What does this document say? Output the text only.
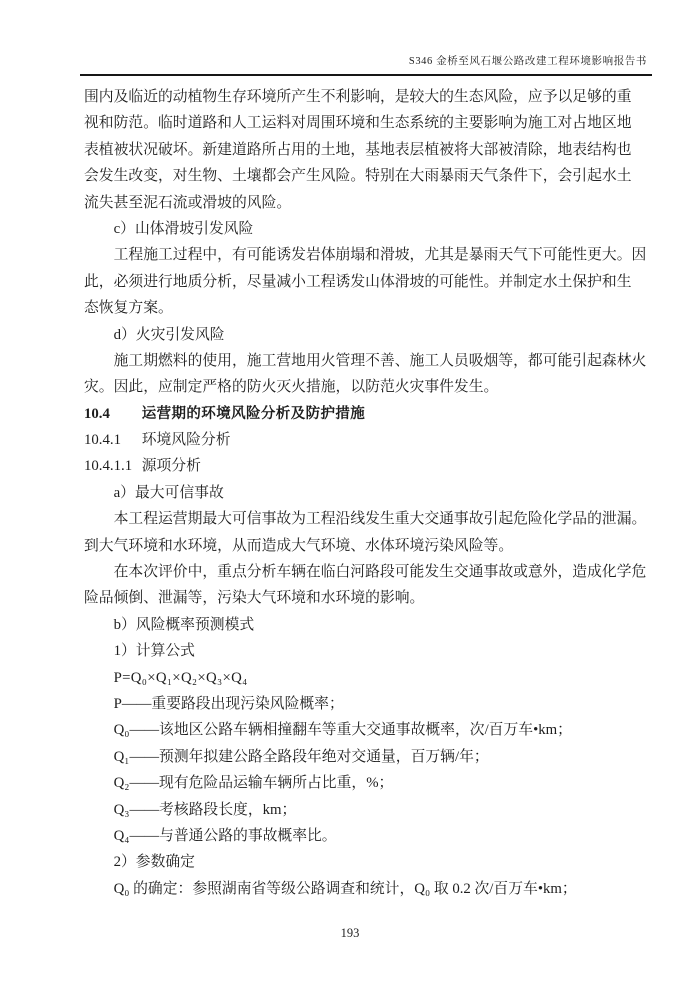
S346 金桥至风石堰公路改建工程环境影响报告书
围内及临近的动植物生存环境所产生不利影响，是较大的生态风险，应予以足够的重
视和防范。临时道路和人工运料对周围环境和生态系统的主要影响为施工对占地区地
表植被状况破坏。新建道路所占用的土地，基地表层植被将大部被清除，地表结构也
会发生改变，对生物、土壤都会产生风险。特别在大雨暴雨天气条件下，会引起水土
流失甚至泥石流或滑坡的风险。
c）山体滑坡引发风险
工程施工过程中，有可能诱发岩体崩塌和滑坡，尤其是暴雨天气下可能性更大。因
此，必须进行地质分析，尽量减小工程诱发山体滑坡的可能性。并制定水土保护和生
态恢复方案。
d）火灾引发风险
施工期燃料的使用，施工营地用火管理不善、施工人员吸烟等，都可能引起森林火
灾。因此，应制定严格的防火灭火措施，以防范火灾事件发生。
10.4 运营期的环境风险分析及防护措施
10.4.1 环境风险分析
10.4.1.1 源项分析
a）最大可信事故
本工程运营期最大可信事故为工程沿线发生重大交通事故引起危险化学品的泄漏。
到大气环境和水环境，从而造成大气环境、水体环境污染风险等。
在本次评价中，重点分析车辆在临白河路段可能发生交通事故或意外，造成化学危
险品倾倒、泄漏等，污染大气环境和水环境的影响。
b）风险概率预测模式
1）计算公式
P=Q₀×Q₁×Q₂×Q₃×Q₄
P——重要路段出现污染风险概率；
Q₀——该地区公路车辆相撞翻车等重大交通事故概率，次/百万车•km；
Q₁——预测年拟建公路全路段年绝对交通量，百万辆/年；
Q₂——现有危险品运输车辆所占比重，%；
Q₃——考核路段长度，km；
Q₄——与普通公路的事故概率比。
2）参数确定
Q₀ 的确定：参照湖南省等级公路调查和统计，Q₀ 取 0.2 次/百万车•km；
193
